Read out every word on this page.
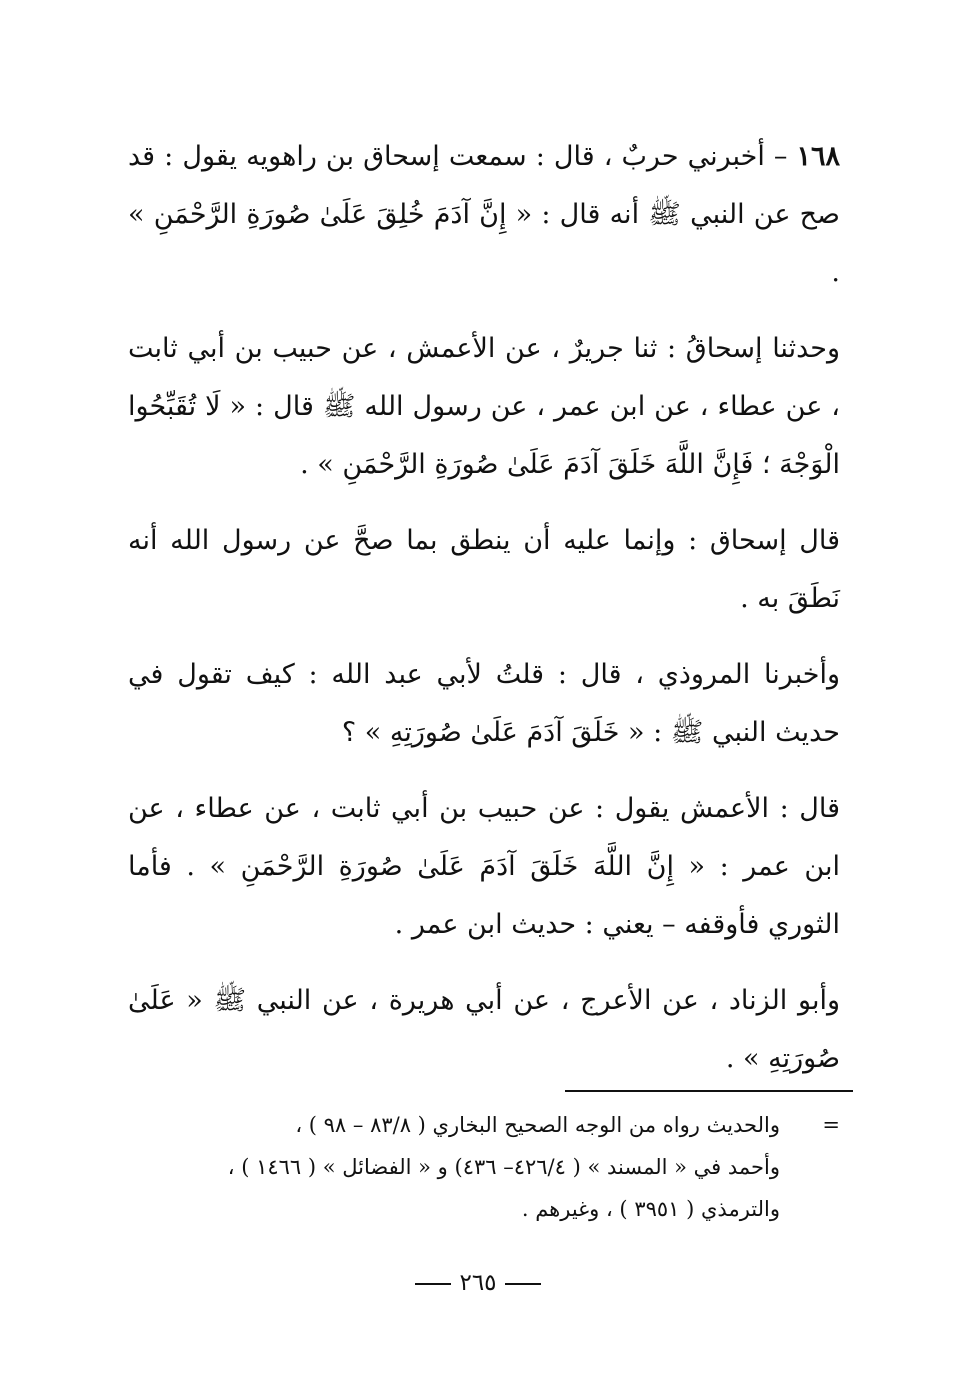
١٦٨ – أخبرني حربٌ ، قال : سمعت إسحاق بن راهويه يقول : قد صح عن النبي ﷺ أنه قال : « إِنَّ آدَمَ خُلِقَ عَلَىٰ صُورَةِ الرَّحْمَنِ » .

وحدثنا إسحاقُ : ثنا جريرٌ ، عن الأعمش ، عن حبيب بن أبي ثابت ، عن عطاء ، عن ابن عمر ، عن رسول الله ﷺ قال : « لَا تُقَبِّحُوا الْوَجْهَ ؛ فَإِنَّ اللَّهَ خَلَقَ آدَمَ عَلَىٰ صُورَةِ الرَّحْمَنِ » .

قال إسحاق : وإنما عليه أن ينطق بما صحَّ عن رسول الله أنه نَطَقَ به .

وأخبرنا المروذي ، قال : قلتُ لأبي عبد الله : كيف تقول في حديث النبي ﷺ : « خَلَقَ آدَمَ عَلَىٰ صُورَتِهِ » ؟

قال : الأعمش يقول : عن حبيب بن أبي ثابت ، عن عطاء ، عن ابن عمر : « إِنَّ اللَّهَ خَلَقَ آدَمَ عَلَىٰ صُورَةِ الرَّحْمَنِ » . فأما الثوري فأوقفه – يعني : حديث ابن عمر .

وأبو الزناد ، عن الأعرج ، عن أبي هريرة ، عن النبي ﷺ « عَلَىٰ صُورَتِهِ » .

=والحديث رواه من الوجه الصحيح البخاري ( ٨٣/٨ – ٩٨ ) ،
وأحمد في « المسند » ( ٤٢٦/٤– ٤٣٦) و « الفضائل » ( ١٤٦٦ ) ،
والترمذي ( ٣٩٥١ ) ، وغيرهم .
٢٦٥
